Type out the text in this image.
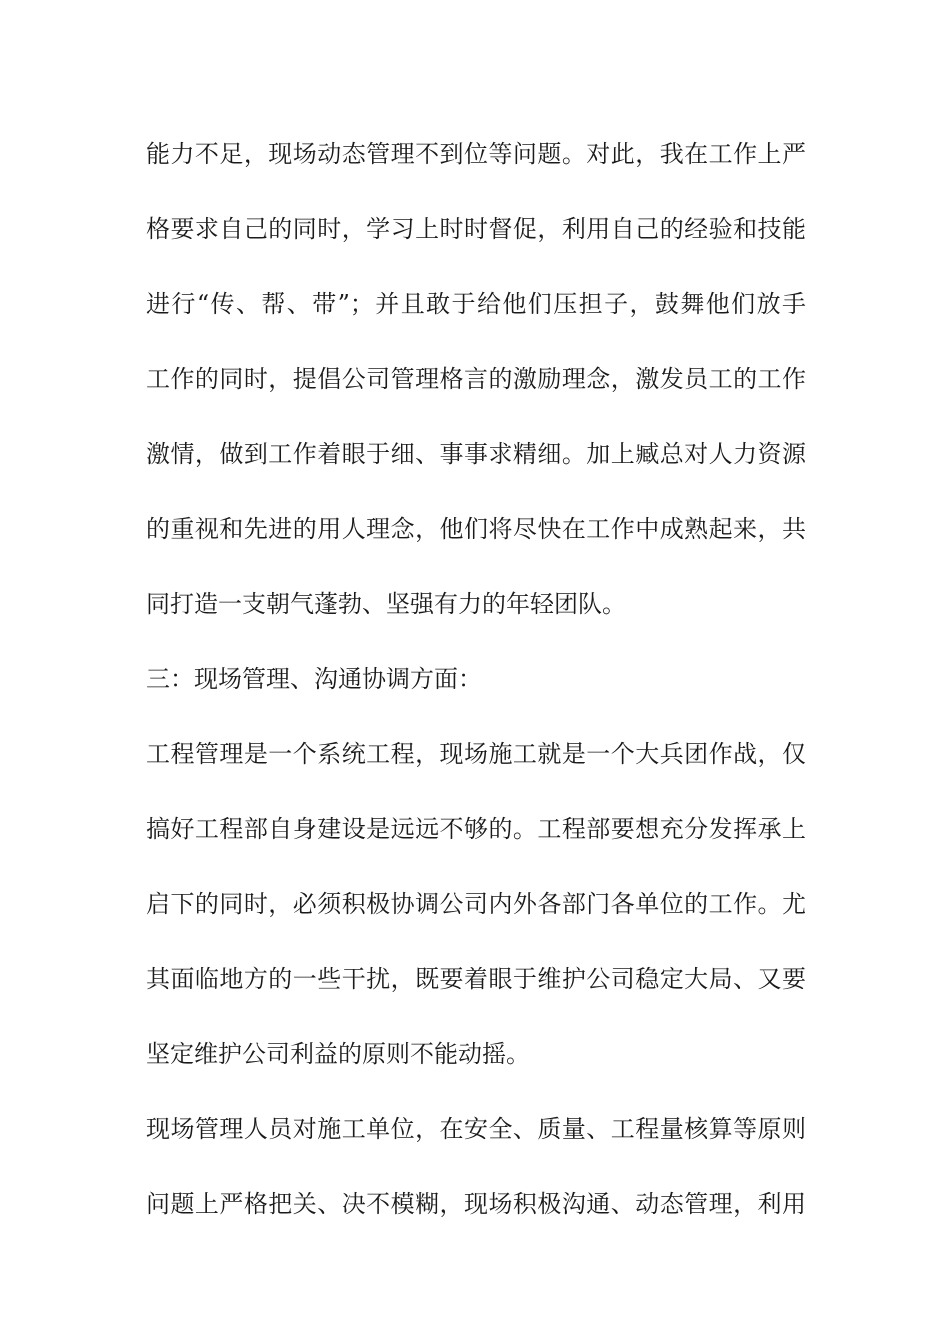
能力不足，现场动态管理不到位等问题。对此，我在工作上严
格要求自己的同时，学习上时时督促，利用自己的经验和技能
进行“传、帮、带”；并且敢于给他们压担子，鼓舞他们放手
工作的同时，提倡公司管理格言的激励理念，激发员工的工作
激情，做到工作着眼于细、事事求精细。加上臧总对人力资源
的重视和先进的用人理念，他们将尽快在工作中成熟起来，共
同打造一支朝气蓬勃、坚强有力的年轻团队。
三：现场管理、沟通协调方面：
工程管理是一个系统工程，现场施工就是一个大兵团作战，仅
搞好工程部自身建设是远远不够的。工程部要想充分发挥承上
启下的同时，必须积极协调公司内外各部门各单位的工作。尤
其面临地方的一些干扰，既要着眼于维护公司稳定大局、又要
坚定维护公司利益的原则不能动摇。
现场管理人员对施工单位，在安全、质量、工程量核算等原则
问题上严格把关、决不模糊，现场积极沟通、动态管理，利用
